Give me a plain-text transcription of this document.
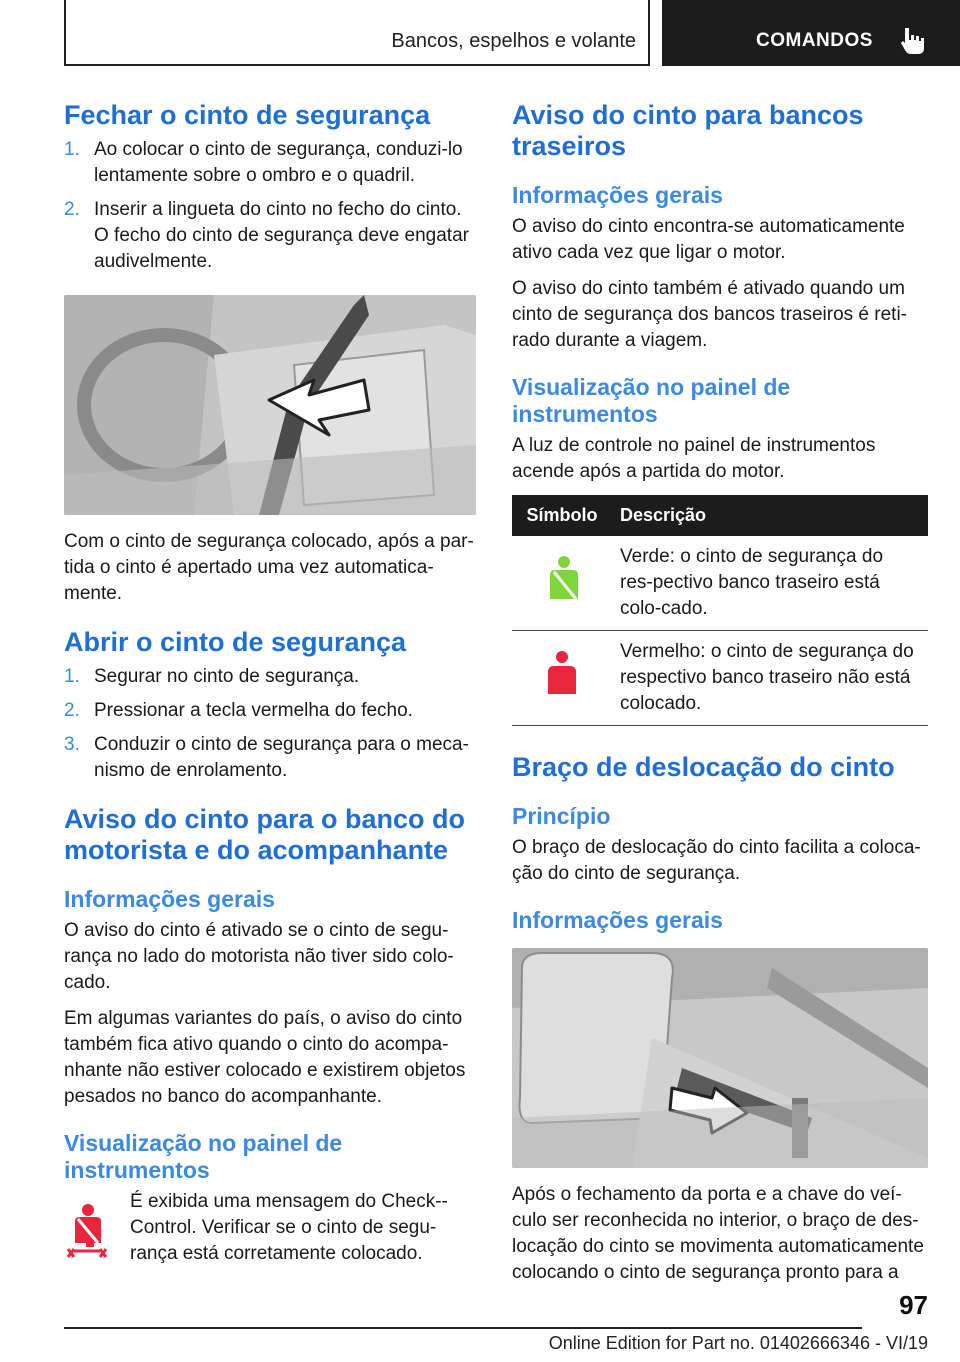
Bancos, espelhos e volante	COMANDOS
Fechar o cinto de segurança
1. Ao colocar o cinto de segurança, conduzi-lo lentamente sobre o ombro e o quadril.
2. Inserir a lingueta do cinto no fecho do cinto. O fecho do cinto de segurança deve engatar audivelmente.

Com o cinto de segurança colocado, após a par-tida o cinto é apertado uma vez automatica-mente.

Abrir o cinto de segurança
1. Segurar no cinto de segurança.
2. Pressionar a tecla vermelha do fecho.
3. Conduzir o cinto de segurança para o meca-nismo de enrolamento.
Aviso do cinto para o banco do motorista e do acompanhante
Informações gerais

O aviso do cinto é ativado se o cinto de segu-rança no lado do motorista não tiver sido colo-cado.

Em algumas variantes do país, o aviso do cinto também fica ativo quando o cinto do acompa-nhante não estiver colocado e existirem objetos pesados no banco do acompanhante.

Visualização no painel de instrumentos
É exibida uma mensagem do Check--Control. Verificar se o cinto de segu-rança está corretamente colocado.
Aviso do cinto para bancos traseiros
Informações gerais

O aviso do cinto encontra-se automaticamente ativo cada vez que ligar o motor.

O aviso do cinto também é ativado quando um cinto de segurança dos bancos traseiros é reti-rado durante a viagem.

Visualização no painel de instrumentos

A luz de controle no painel de instrumentos acende após a partida do motor.

Símbolo	Descrição
	Verde: o cinto de segurança do res-pectivo banco traseiro está colo-cado.
	Vermelho: o cinto de segurança do respectivo banco traseiro não está colocado.
Braço de deslocação do cinto
Princípio

O braço de deslocação do cinto facilita a coloca-ção do cinto de segurança.

Informações gerais

Após o fechamento da porta e a chave do veí-culo ser reconhecida no interior, o braço de des-locação do cinto se movimenta automaticamente colocando o cinto de segurança pronto para a

97
Online Edition for Part no. 01402666346 - VI/19
